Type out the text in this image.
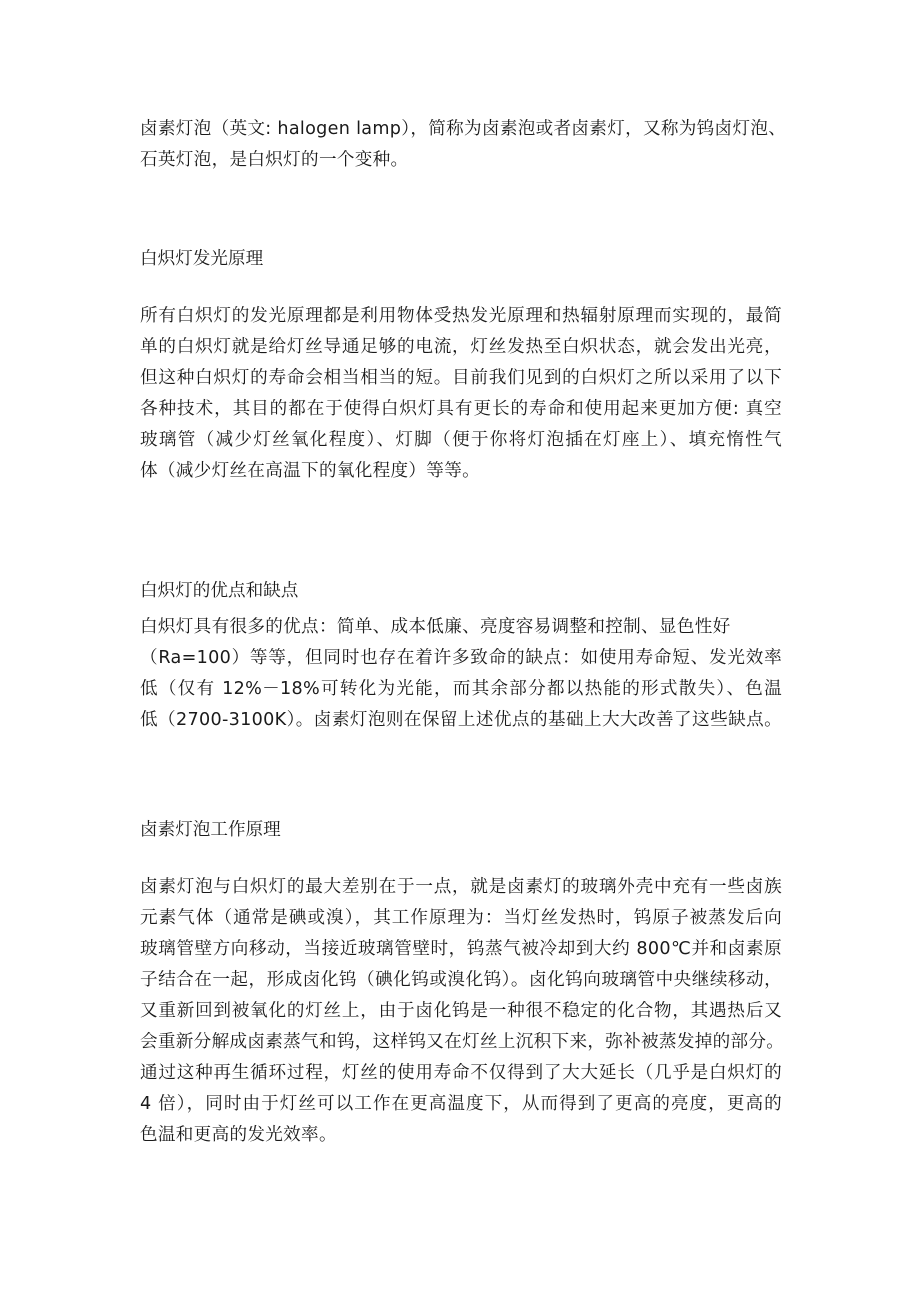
卤素灯泡（英文: halogen lamp），简称为卤素泡或者卤素灯，又称为钨卤灯泡、
石英灯泡，是白炽灯的一个变种。

白炽灯发光原理

所有白炽灯的发光原理都是利用物体受热发光原理和热辐射原理而实现的，最简
单的白炽灯就是给灯丝导通足够的电流，灯丝发热至白炽状态，就会发出光亮，
但这种白炽灯的寿命会相当相当的短。目前我们见到的白炽灯之所以采用了以下
各种技术，其目的都在于使得白炽灯具有更长的寿命和使用起来更加方便: 真空
玻璃管（减少灯丝氧化程度）、灯脚（便于你将灯泡插在灯座上）、填充惰性气
体（减少灯丝在高温下的氧化程度）等等。

白炽灯的优点和缺点

白炽灯具有很多的优点：简单、成本低廉、亮度容易调整和控制、显色性好
（Ra=100）等等，但同时也存在着许多致命的缺点：如使用寿命短、发光效率
低（仅有 12%－18%可转化为光能，而其余部分都以热能的形式散失）、色温
低（2700-3100K）。卤素灯泡则在保留上述优点的基础上大大改善了这些缺点。

卤素灯泡工作原理

卤素灯泡与白炽灯的最大差别在于一点，就是卤素灯的玻璃外壳中充有一些卤族
元素气体（通常是碘或溴），其工作原理为：当灯丝发热时，钨原子被蒸发后向
玻璃管壁方向移动，当接近玻璃管壁时，钨蒸气被冷却到大约 800℃并和卤素原
子结合在一起，形成卤化钨（碘化钨或溴化钨）。卤化钨向玻璃管中央继续移动，
又重新回到被氧化的灯丝上，由于卤化钨是一种很不稳定的化合物，其遇热后又
会重新分解成卤素蒸气和钨，这样钨又在灯丝上沉积下来，弥补被蒸发掉的部分。
通过这种再生循环过程，灯丝的使用寿命不仅得到了大大延长（几乎是白炽灯的
4 倍），同时由于灯丝可以工作在更高温度下，从而得到了更高的亮度，更高的
色温和更高的发光效率。
